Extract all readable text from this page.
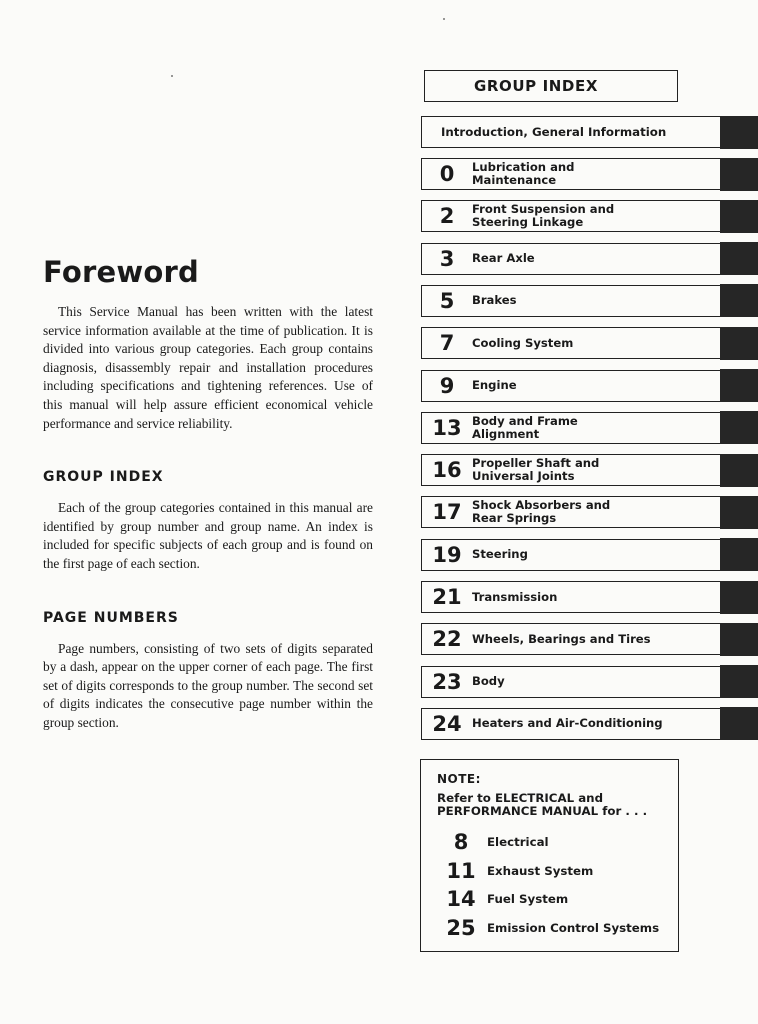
Foreword

This Service Manual has been written with the latest service information available at the time of publication. It is divided into various group categories. Each group contains diagnosis, disassembly repair and installation procedures including specifications and tightening references. Use of this manual will help assure efficient economical vehicle performance and service reliability.

GROUP INDEX

Each of the group categories contained in this manual are identified by group number and group name. An index is included for specific subjects of each group and is found on the first page of each section.

PAGE NUMBERS

Page numbers, consisting of two sets of digits separated by a dash, appear on the upper corner of each page. The first set of digits corresponds to the group number. The second set of digits indicates the consecutive page number within the group section.

GROUP INDEX
Introduction, General Information
0	Lubrication and
Maintenance
2	Front Suspension and
Steering Linkage
3	Rear Axle
5	Brakes
7	Cooling System
9	Engine
13 Body and Frame
Alignment
16 Propeller Shaft and
Universal Joints
17 Shock Absorbers and
Rear Springs
19 Steering
21 Transmission
22 Wheels, Bearings and Tires
23 Body
24 Heaters and Air-Conditioning
NOTE:
Refer to ELECTRICAL and
PERFORMANCE MANUAL for . . .
8	Electrical
11 Exhaust System
14 Fuel System
25 Emission Control Systems
